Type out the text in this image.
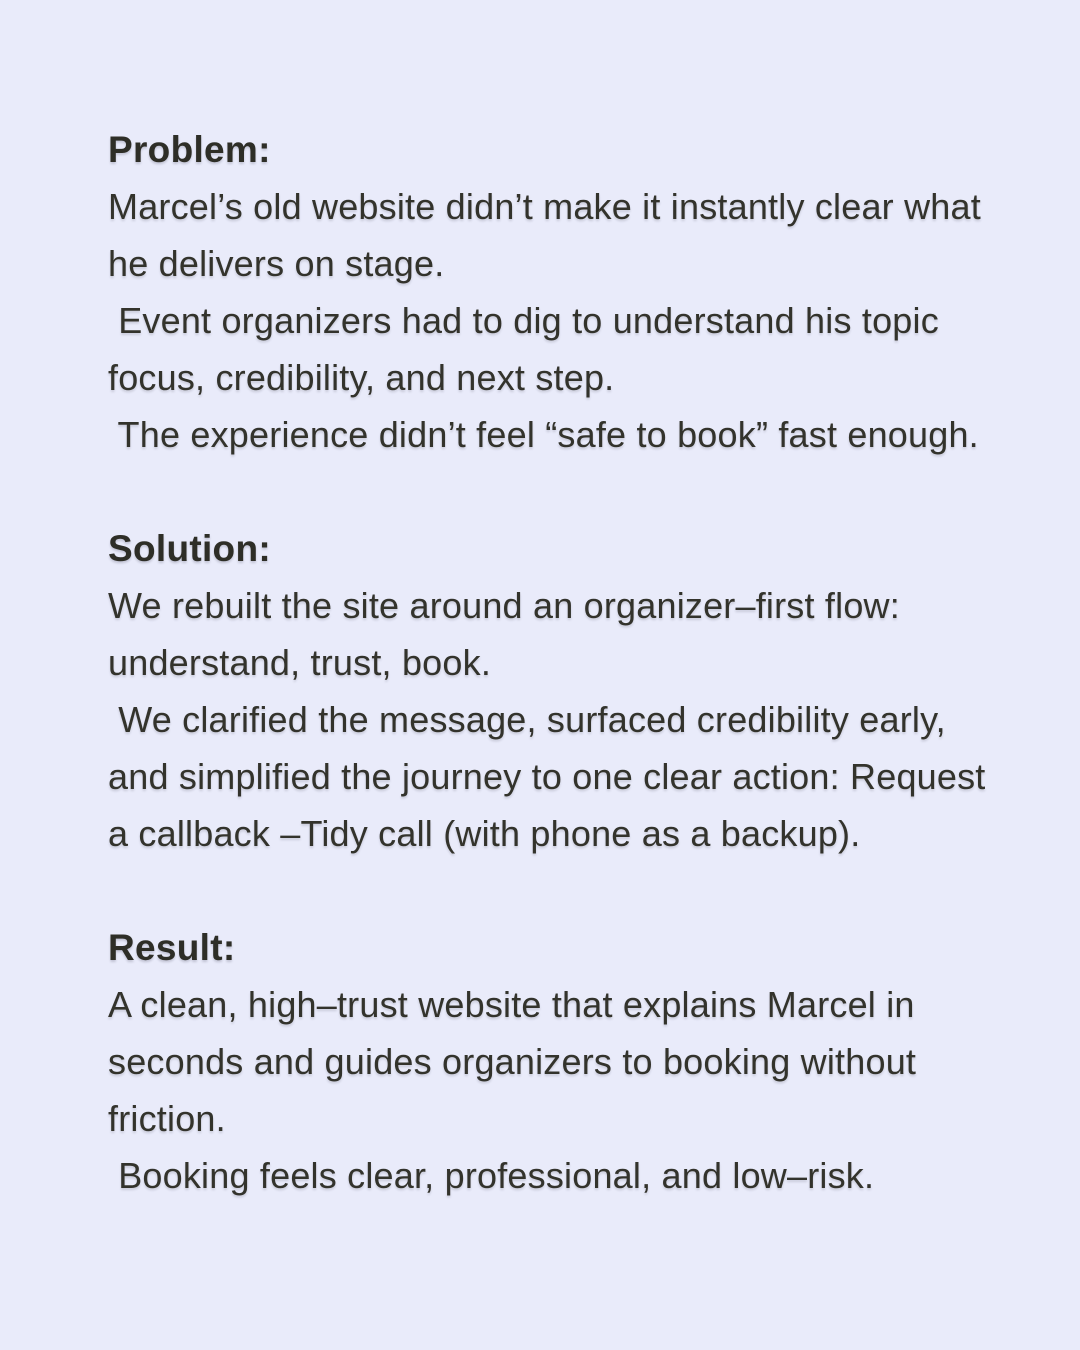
Problem:
Marcel’s old website didn’t make it instantly clear what
he delivers on stage.
Event organizers had to dig to understand his topic
focus, credibility, and next step.
The experience didn’t feel “safe to book” fast enough.
Solution:
We rebuilt the site around an organizer–first flow:
understand, trust, book.
We clarified the message, surfaced credibility early,
and simplified the journey to one clear action: Request
a callback –Tidy call (with phone as a backup).
Result:
A clean, high–trust website that explains Marcel in
seconds and guides organizers to booking without
friction.
Booking feels clear, professional, and low–risk.
